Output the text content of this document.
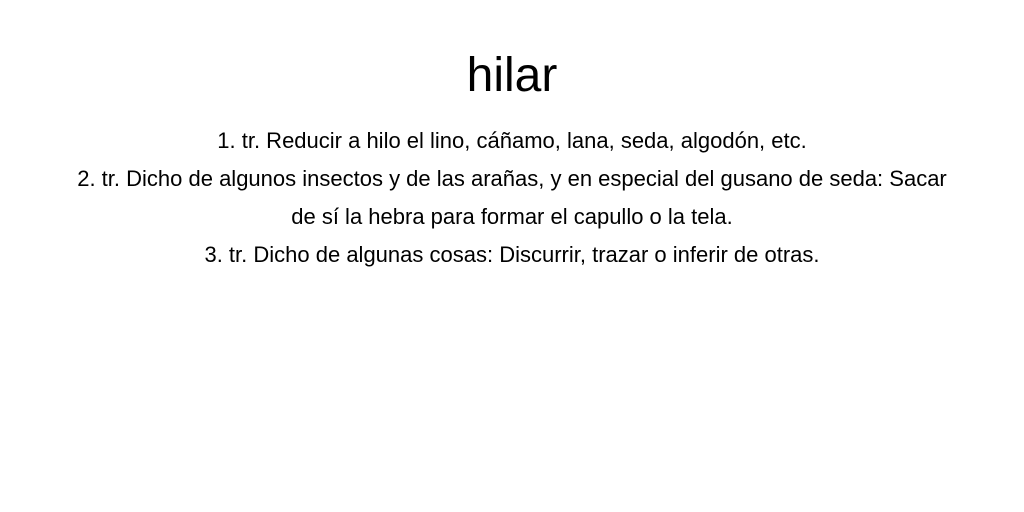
hilar

1. tr. Reducir a hilo el lino, cáñamo, lana, seda, algodón, etc.

2. tr. Dicho de algunos insectos y de las arañas, y en especial del gusano de seda: Sacar de sí la hebra para formar el capullo o la tela.

3. tr. Dicho de algunas cosas: Discurrir, trazar o inferir de otras.
